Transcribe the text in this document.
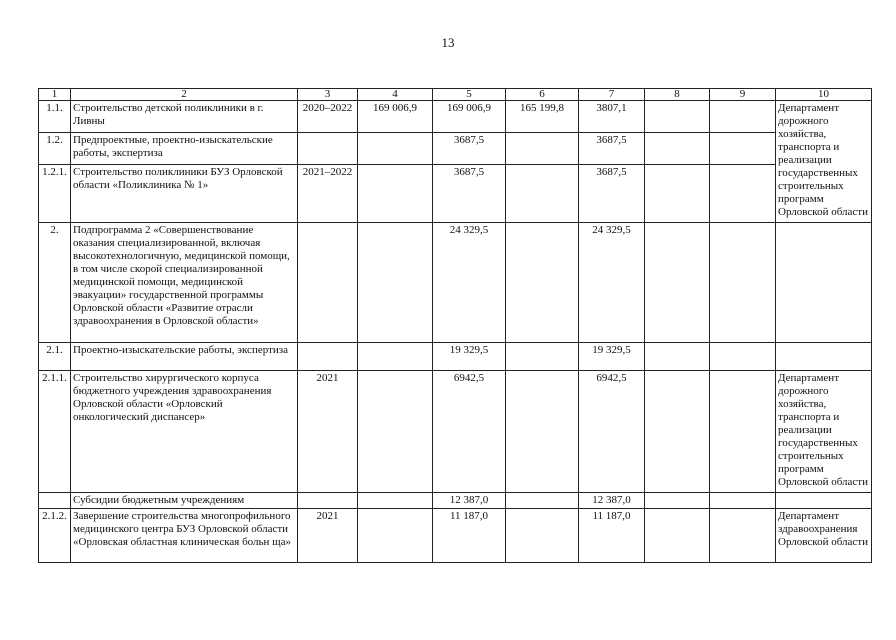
13
1	2	3	4	5	6	7	8	9	10
1.1.	Строительство детской поликлиники в г. Ливны	2020–2022	169 006,9	169 006,9	165 199,8	3807,1			Департамент дорожного хозяйства, транспорта и реализации государственных строительных программ Орловской области
1.2.	Предпроектные, проектно-изыскательские работы, экспертиза			3687,5		3687,5			
1.2.1.	Строительство поликлиники БУЗ Орловской области «Поликлиника № 1»	2021–2022		3687,5		3687,5			
2.	Подпрограмма 2 «Совершенствование оказания специализированной, включая высокотехнологичную, медицинской помощи, в том числе скорой специализированной медицинской помощи, медицинской эвакуации» государственной программы Орловской области «Развитие отрасли здравоохранения в Орловской области»			24 329,5		24 329,5			
2.1.	Проектно-изыскательские работы, экспертиза			19 329,5		19 329,5			
2.1.1.	Строительство хирургического корпуса бюджетного учреждения здравоохранения Орловской области «Орловский онкологический диспансер»	2021		6942,5		6942,5			Департамент дорожного хозяйства, транспорта и реализации государственных строительных программ Орловской области
	Субсидии бюджетным учреждениям			12 387,0		12 387,0			
2.1.2.	Завершение строительства многопрофильного медицинского центра БУЗ Орловской области «Орловская областная клиническая больн ща»	2021		11 187,0		11 187,0			Департамент здравоохранения Орловской области
